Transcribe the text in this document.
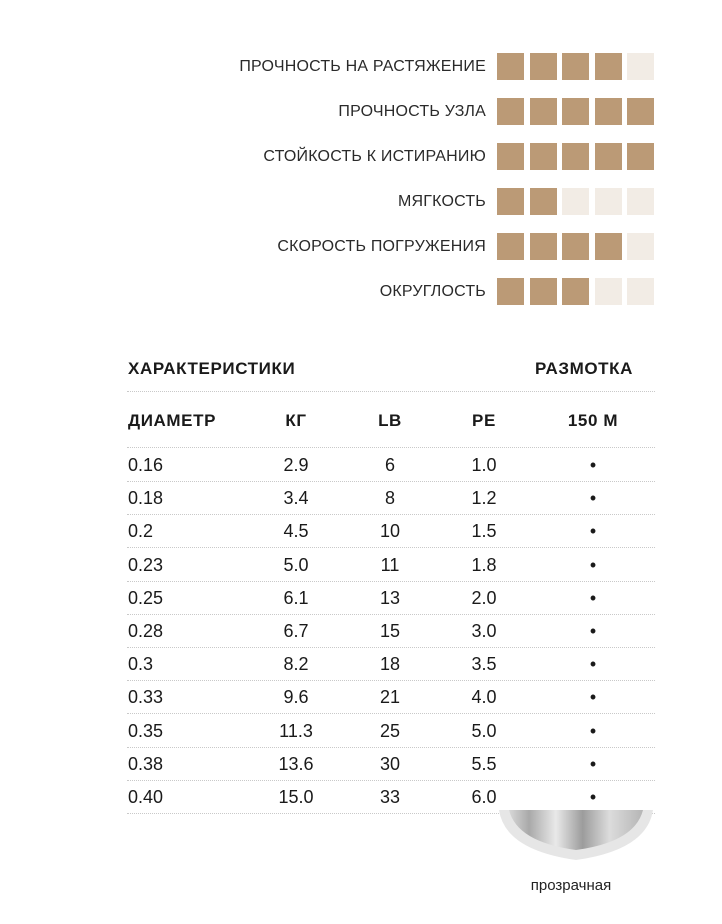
ПРОЧНОСТЬ НА РАСТЯЖЕНИЕ
ПРОЧНОСТЬ УЗЛА
СТОЙКОСТЬ К ИСТИРАНИЮ
МЯГКОСТЬ
СКОРОСТЬ ПОГРУЖЕНИЯ
ОКРУГЛОСТЬ
ХАРАКТЕРИСТИКИ	РАЗМОТКА
ДИАМЕТР	КГ	LB	PE	150 М
0.16	2.9	6	1.0	•
0.18	3.4	8	1.2	•
0.2	4.5	10	1.5	•
0.23	5.0	11	1.8	•
0.25	6.1	13	2.0	•
0.28	6.7	15	3.0	•
0.3	8.2	18	3.5	•
0.33	9.6	21	4.0	•
0.35	11.3	25	5.0	•
0.38	13.6	30	5.5	•
0.40	15.0	33	6.0	•
прозрачная
